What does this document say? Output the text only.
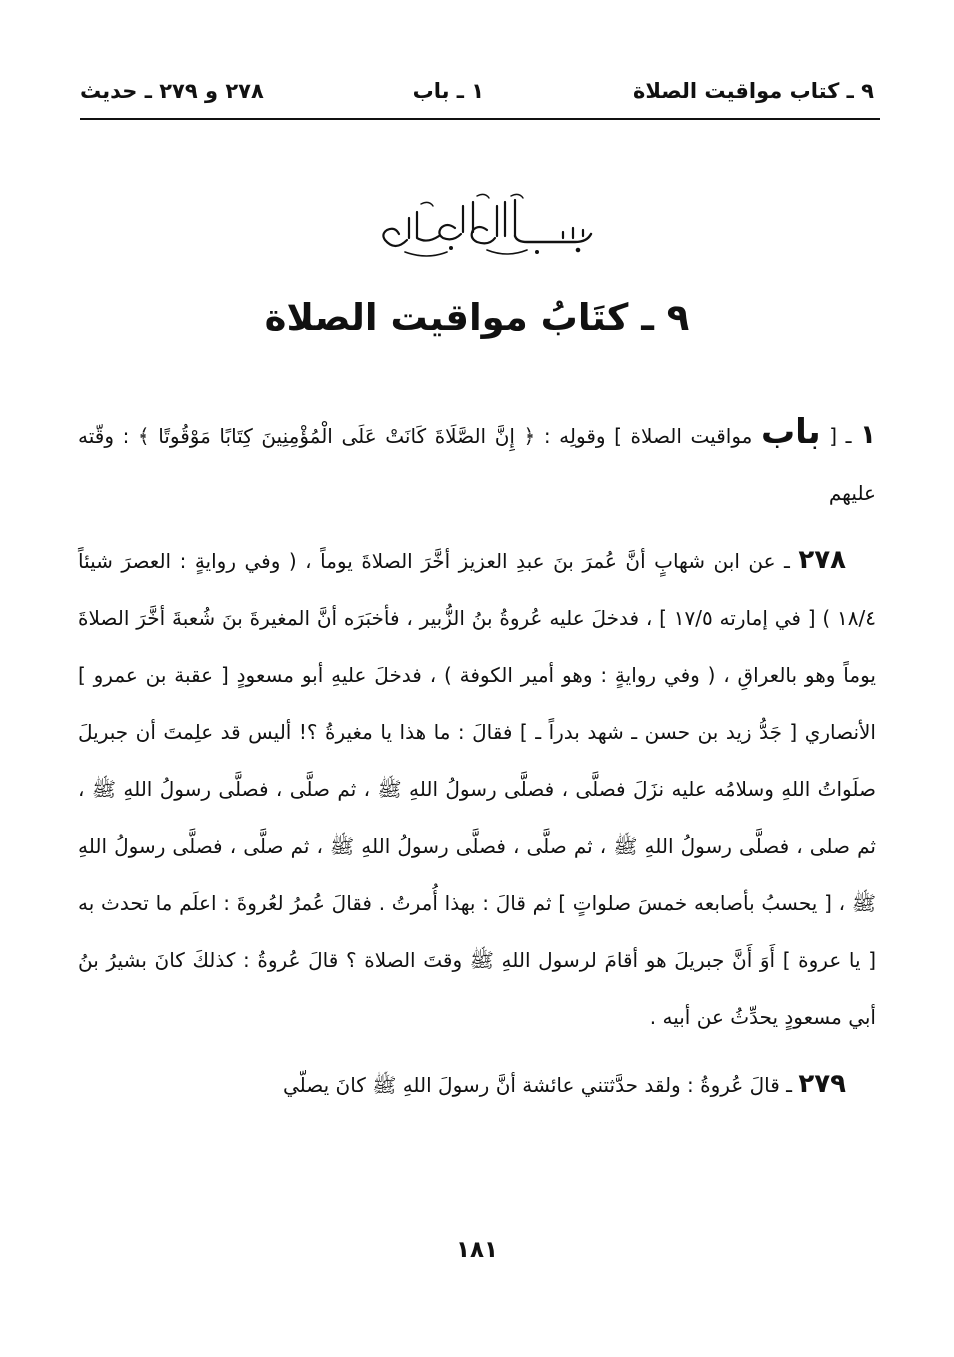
٩ ـ كتاب مواقيت الصلاة
١ ـ باب
٢٧٨ و ٢٧٩ ـ حديث
٩ ـ كتَابُ مواقيت الصلاة

١ ـ [ باب مواقيت الصلاة ] وقولِه : ﴿ إِنَّ الصَّلَاةَ كَانَتْ عَلَى الْمُؤْمِنِينَ كِتَابًا مَوْقُوتًا ﴾ : وقّته عليهم

٢٧٨ ـ عن ابن شهابٍ أنَّ عُمرَ بنَ عبدِ العزيز أخَّرَ الصلاةَ يوماً ، ( وفي روايةٍ : العصرَ شيئاً ١٨/٤ ) [ في إمارته ١٧/٥ ] ، فدخلَ عليه عُروةُ بنُ الزُّبير ، فأخبَرَه أنَّ المغيرةَ بنَ شُعبةَ أخَّرَ الصلاةَ يوماً وهو بالعراقِ ، ( وفي روايةٍ : وهو أمير الكوفة ) ، فدخلَ عليهِ أبو مسعودٍ [ عقبة بن عمرو ] الأنصاري [ جَدُّ زيد بن حسن ـ شهد بدراً ـ ] فقالَ : ما هذا يا مغيرةُ ؟! أليس قد علِمتَ أن جبريلَ صلَواتُ اللهِ وسلامُه عليه نزَلَ فصلَّى ، فصلَّى رسولُ اللهِ ﷺ ، ثم صلَّى ، فصلَّى رسولُ اللهِ ﷺ ، ثم صلى ، فصلَّى رسولُ اللهِ ﷺ ، ثم صلَّى ، فصلَّى رسولُ اللهِ ﷺ ، ثم صلَّى ، فصلَّى رسولُ اللهِ ﷺ ، [ يحسبُ بأصابعه خمسَ صلواتٍ ] ثم قالَ : بهذا أُمرتُ . فقالَ عُمرُ لعُروةَ : اعلَم ما تحدث به [ يا عروة ] أَوَ أَنَّ جبريلَ هو أقامَ لرسول اللهِ ﷺ وقتَ الصلاة ؟ قالَ عُروةُ : كذلكَ كانَ بشيرُ بنُ أبي مسعودٍ يحدِّثُ عن أبيه .

٢٧٩ ـ قالَ عُروةُ : ولقد حدَّثتني عائشة أنَّ رسولَ اللهِ ﷺ كانَ يصلّي

١٨١
